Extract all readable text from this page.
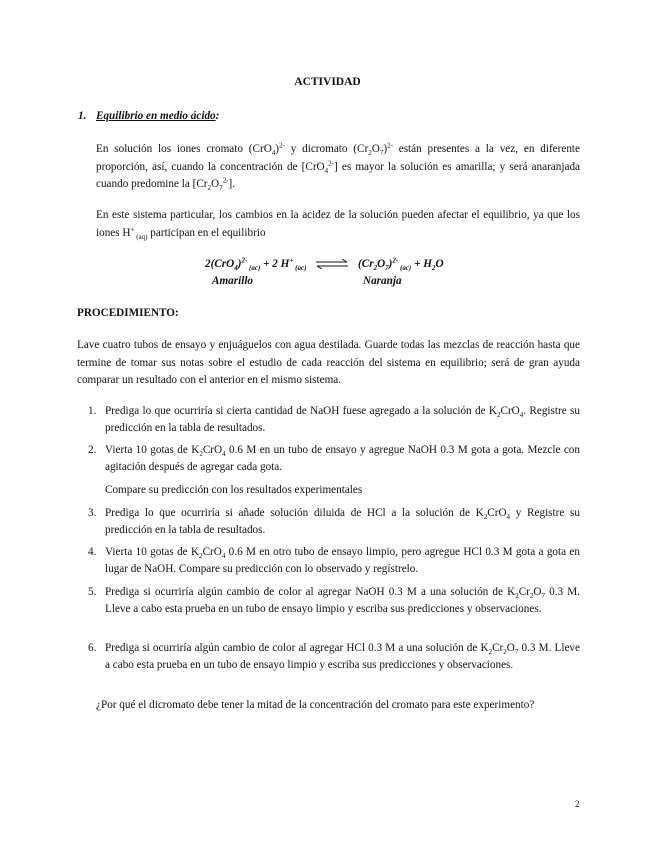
ACTIVIDAD
1. Equilibrio en medio ácido:
En solución los iones cromato $(CrO_4)^{2-}$ y dicromato $(Cr_2O_7)^{2-}$ están presentes a la vez, en diferente proporción, así, cuando la concentración de [CrO$_4^{2-}$] es mayor la solución es amarilla; y será anaranjada cuando predomine la $[Cr_2O_7^{2-}]$.
En este sistema particular, los cambios en la acidez de la solución pueden afectar el equilibrio, ya que los iones H+ $_{(aq)}$ participan en el equilibrio
$2(CrO_4)^{2-}$ $_{(ac)}$ + 2 H+ $_{(ac)}$ ⇌ $(Cr_2O_7)^{2-}$ $_{(ac)} + H_2O$
Amarillo	Naranja
PROCEDIMIENTO:
Lave cuatro tubos de ensayo y enjuáguelos con agua destilada. Guarde todas las mezclas de reacción hasta que termine de tomar sus notas sobre el estudio de cada reacción del sistema en equilibrio; será de gran ayuda comparar un resultado con el anterior en el mismo sistema.
1. Predigа lo que ocurriría si cierta cantidad de NaOH fuese agregado a la solución de $K_2CrO_4$. Registre su predicción en la tabla de resultados.
2. Vierta 10 gotas de $K_2CrO_4$ 0.6 M en un tubo de ensayo y agregue NaOH 0.3 M gota a gota. Mezcle con agitación después de agregar cada gota.
Compare su predicción con los resultados experimentales
3. Prediga lo que ocurriría si añade solución diluida de HCl a la solución de $K_2CrO_4$ y Registre su predicción en la tabla de resultados.
4. Vierta 10 gotas de $K_2CrO_4$ 0.6 M en otro tubo de ensayo limpio, pero agregue HCl 0.3 M gota a gota en lugar de NaOH. Compare su predicción con lo observado y regístrelo.
5. Prediga si ocurriría algún cambio de color al agregar NaOH 0.3 M a una solución de $K_2Cr_2O_7$ 0.3 M. Lleve a cabo esta prueba en un tubo de ensayo limpio y escriba sus predicciones y observaciones.
6. Prediga si ocurriría algún cambio de color al agregar HCl 0.3 M a una solución de $K_2Cr_2O_7$ 0.3 M. Lleve a cabo esta prueba en un tubo de ensayo limpio y escriba sus predicciones y observaciones.
¿Por qué el dicromato debe tener la mitad de la concentración del cromato para este experimento?
2
